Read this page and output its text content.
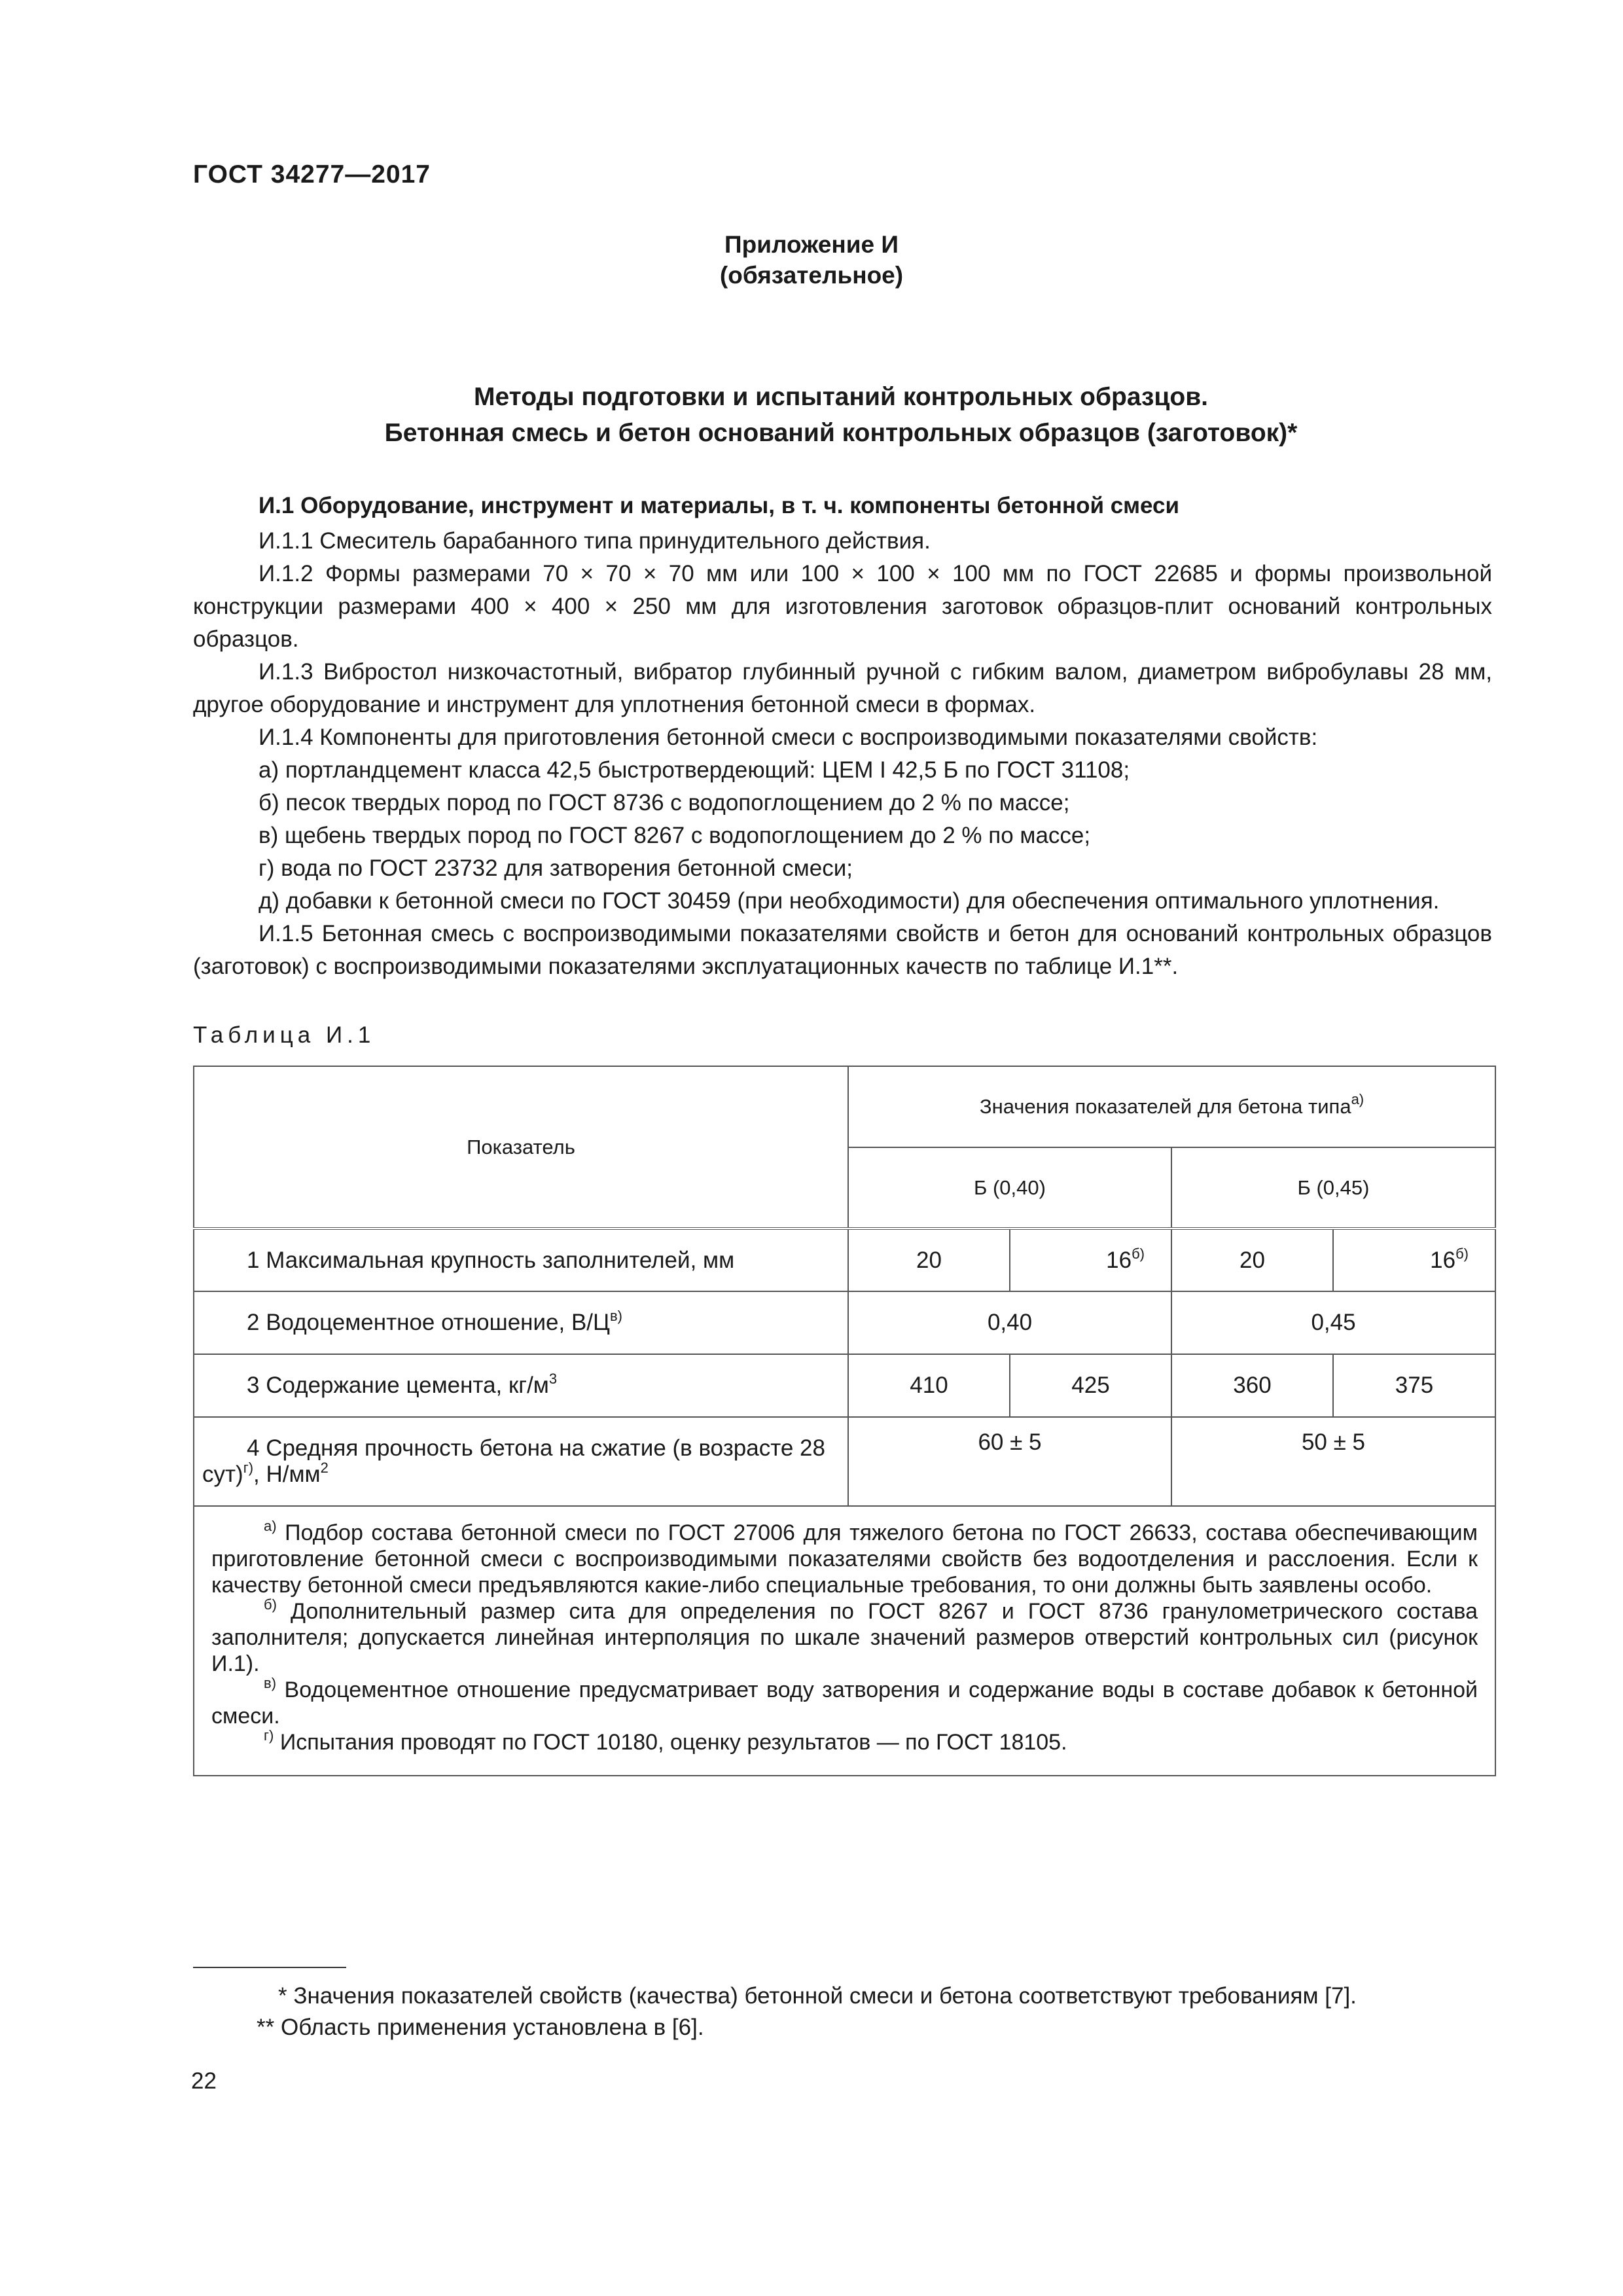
ГОСТ 34277—2017
Приложение И
(обязательное)
Методы подготовки и испытаний контрольных образцов.
Бетонная смесь и бетон оснований контрольных образцов (заготовок)*

И.1 Оборудование, инструмент и материалы, в т. ч. компоненты бетонной смеси

И.1.1 Смеситель барабанного типа принудительного действия.

И.1.2 Формы размерами 70 × 70 × 70 мм или 100 × 100 × 100 мм по ГОСТ 22685 и формы произвольной конструкции размерами 400 × 400 × 250 мм для изготовления заготовок образцов-плит оснований контрольных образцов.

И.1.3 Вибростол низкочастотный, вибратор глубинный ручной с гибким валом, диаметром вибробулавы 28 мм, другое оборудование и инструмент для уплотнения бетонной смеси в формах.

И.1.4 Компоненты для приготовления бетонной смеси с воспроизводимыми показателями свойств:

а) портландцемент класса 42,5 быстротвердеющий: ЦЕМ I 42,5 Б по ГОСТ 31108;

б) песок твердых пород по ГОСТ 8736 с водопоглощением до 2 % по массе;

в) щебень твердых пород по ГОСТ 8267 с водопоглощением до 2 % по массе;

г) вода по ГОСТ 23732 для затворения бетонной смеси;

д) добавки к бетонной смеси по ГОСТ 30459 (при необходимости) для обеспечения оптимального уплотнения.

И.1.5 Бетонная смесь с воспроизводимыми показателями свойств и бетон для оснований контрольных образцов (заготовок) с воспроизводимыми показателями эксплуатационных качеств по таблице И.1**.

Таблица И.1
Показатель	Значения показателей для бетона типа$^{а)}$
	Б (0,40)		Б (0,45)	
1 Максимальная крупность заполнителей, мм	20	$16^{б)}$	20	$16^{б)}$
2 Водоцементное отношение, $В/Ц^{в)}$	0,40		0,45	
3 Содержание цемента, $кг/м^3$	410	425	360	375
4 Средняя прочность бетона на сжатие (в возрасте 28 сут)$^{г)}$, $Н/мм^2$	60 ± 5		50 ± 5	

$^{а)}$ Подбор состава бетонной смеси по ГОСТ 27006 для тяжелого бетона по ГОСТ 26633, состава обеспечивающим приготовление бетонной смеси с воспроизводимыми показателями свойств без водоотделения и расслоения. Если к качеству бетонной смеси предъявляются какие-либо специальные требования, то они должны быть заявлены особо.

$^{б)}$ Дополнительный размер сита для определения по ГОСТ 8267 и ГОСТ 8736 гранулометрического состава заполнителя; допускается линейная интерполяция по шкале значений размеров отверстий контрольных сил (рисунок И.1).

$^{в)}$ Водоцементное отношение предусматривает воду затворения и содержание воды в составе добавок к бетонной смеси.

$^{г)}$ Испытания проводят по ГОСТ 10180, оценку результатов — по ГОСТ 18105.				

* Значения показателей свойств (качества) бетонной смеси и бетона соответствуют требованиям [7].
** Область применения установлена в [6].
22
